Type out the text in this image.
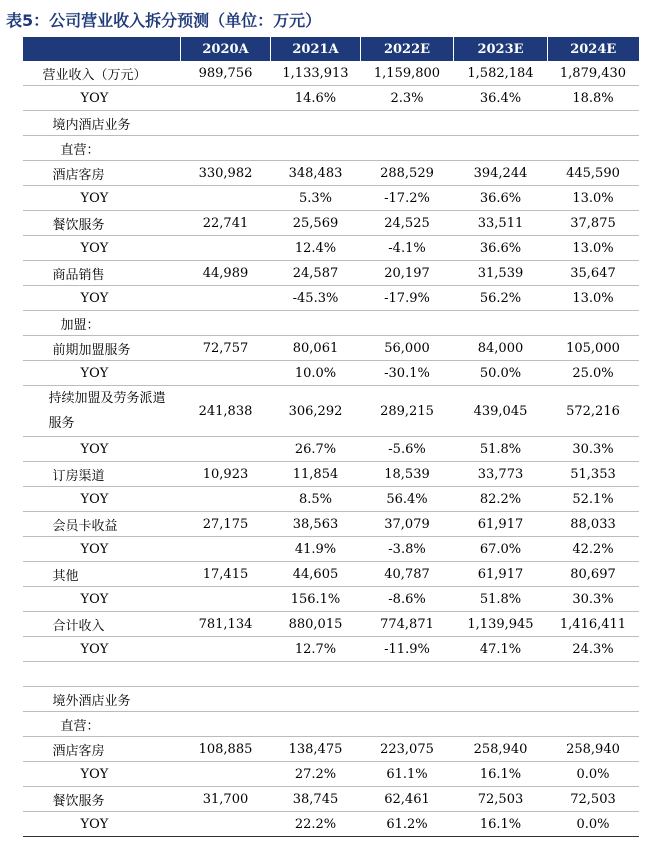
表5：公司营业收入拆分预测（单位：万元）
	2020A	2021A	2022E	2023E	2024E
营业收入（万元）	989,756	1,133,913	1,159,800	1,582,184	1,879,430
YOY		14.6%	2.3%	36.4%	18.8%
境内酒店业务					
直营：					
酒店客房	330,982	348,483	288,529	394,244	445,590
YOY		5.3%	-17.2%	36.6%	13.0%
餐饮服务	22,741	25,569	24,525	33,511	37,875
YOY		12.4%	-4.1%	36.6%	13.0%
商品销售	44,989	24,587	20,197	31,539	35,647
YOY		-45.3%	-17.9%	56.2%	13.0%
加盟：					
前期加盟服务	72,757	80,061	56,000	84,000	105,000
YOY		10.0%	-30.1%	50.0%	25.0%
持续加盟及劳务派遣服务	241,838	306,292	289,215	439,045	572,216
YOY		26.7%	-5.6%	51.8%	30.3%
订房渠道	10,923	11,854	18,539	33,773	51,353
YOY		8.5%	56.4%	82.2%	52.1%
会员卡收益	27,175	38,563	37,079	61,917	88,033
YOY		41.9%	-3.8%	67.0%	42.2%
其他	17,415	44,605	40,787	61,917	80,697
YOY		156.1%	-8.6%	51.8%	30.3%
合计收入	781,134	880,015	774,871	1,139,945	1,416,411
YOY		12.7%	-11.9%	47.1%	24.3%

境外酒店业务					
直营：					
酒店客房	108,885	138,475	223,075	258,940	258,940
YOY		27.2%	61.1%	16.1%	0.0%
餐饮服务	31,700	38,745	62,461	72,503	72,503
YOY		22.2%	61.2%	16.1%	0.0%
